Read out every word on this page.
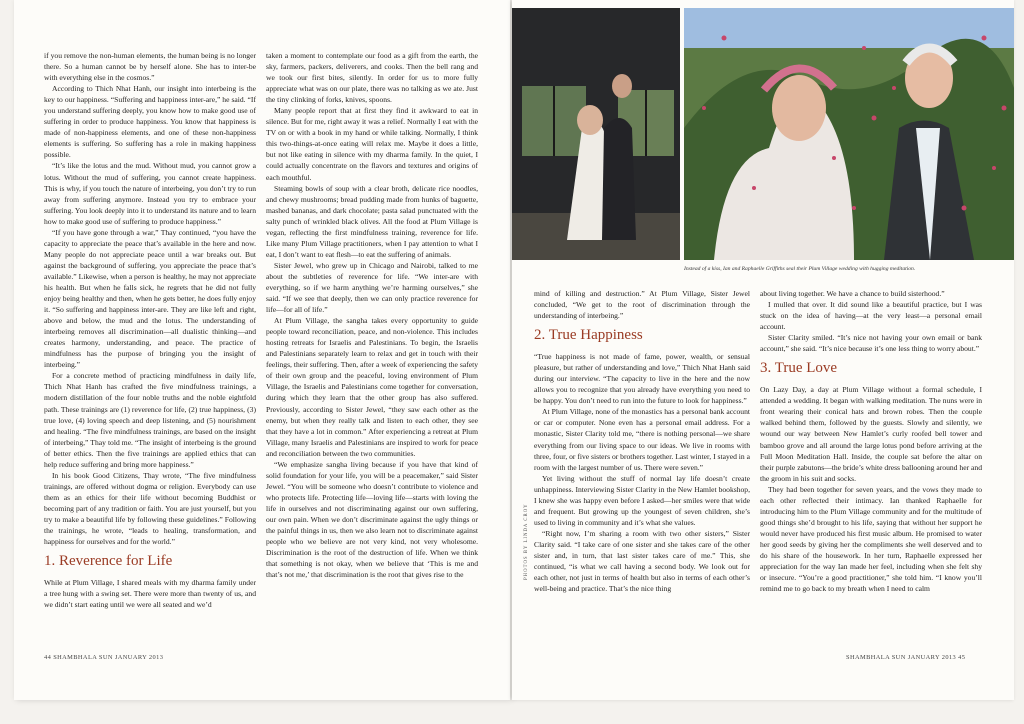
if you remove the non-human elements, the human being is no longer there. So a human cannot be by herself alone. She has to inter-be with everything else in the cosmos.”

According to Thich Nhat Hanh, our insight into interbeing is the key to our happiness. “Suffering and happiness inter-are,” he said. “If you understand suffering deeply, you know how to make good use of suffering in order to produce happiness. You know that happiness is made of non-happiness elements, and one of these non-happiness elements is suffering. So suffering has a role in making happiness possible.

“It’s like the lotus and the mud. Without mud, you cannot grow a lotus. Without the mud of suffering, you cannot create happiness. This is why, if you touch the nature of interbeing, you don’t try to run away from suffering anymore. Instead you try to embrace your suffering. You look deeply into it to understand its nature and to learn how to make good use of suffering to produce happiness.”

“If you have gone through a war,” Thay continued, “you have the capacity to appreciate the peace that’s available in the here and now. Many people do not appreciate peace until a war breaks out. But against the background of suffering, you appreciate the peace that’s available.” Likewise, when a person is healthy, he may not appreciate his health. But when he falls sick, he regrets that he did not fully enjoy being healthy and then, when he gets better, he does fully enjoy it. “So suffering and happiness inter-are. They are like left and right, above and below, the mud and the lotus. The understanding of interbeing removes all discrimination—all dualistic thinking—and creates harmony, understanding, and peace. The practice of mindfulness has the purpose of bringing you the insight of interbeing.”

For a concrete method of practicing mindfulness in daily life, Thich Nhat Hanh has crafted the five mindfulness trainings, a modern distillation of the four noble truths and the noble eightfold path. These trainings are (1) reverence for life, (2) true happiness, (3) true love, (4) loving speech and deep listening, and (5) nourishment and healing. “The five mindfulness trainings, are based on the insight of interbeing,” Thay told me. “The insight of interbeing is the ground of better ethics. Then the five trainings are applied ethics that can help reduce suffering and bring more happiness.”

In his book Good Citizens, Thay wrote, “The five mindfulness trainings, are offered without dogma or religion. Everybody can use them as an ethics for their life without becoming Buddhist or becoming part of any tradition or faith. You are just yourself, but you try to make a beautiful life by following these guidelines.” Following the trainings, he wrote, “leads to healing, transformation, and happiness for ourselves and for the world.”

1. Reverence for Life

While at Plum Village, I shared meals with my dharma family under a tree hung with a swing set. There were more than twenty of us, and we didn’t start eating until we were all seated and we’d

taken a moment to contemplate our food as a gift from the earth, the sky, farmers, packers, deliverers, and cooks. Then the bell rang and we took our first bites, silently. In order for us to more fully appreciate what was on our plate, there was no talking as we ate. Just the tiny clinking of forks, knives, spoons.

Many people report that at first they find it awkward to eat in silence. But for me, right away it was a relief. Normally I eat with the TV on or with a book in my hand or while talking. Normally, I think this two-things-at-once eating will relax me. Maybe it does a little, but not like eating in silence with my dharma family. In the quiet, I could actually concentrate on the flavors and textures and origins of each mouthful.

Steaming bowls of soup with a clear broth, delicate rice noodles, and chewy mushrooms; bread pudding made from hunks of baguette, mashed bananas, and dark chocolate; pasta salad punctuated with the salty punch of wrinkled black olives. All the food at Plum Village is vegan, reflecting the first mindfulness training, reverence for life. Like many Plum Village practitioners, when I pay attention to what I eat, I don’t want to eat flesh—to eat the suffering of animals.

Sister Jewel, who grew up in Chicago and Nairobi, talked to me about the subtleties of reverence for life. “We inter-are with everything, so if we harm anything we’re harming ourselves,” she said. “If we see that deeply, then we can only practice reverence for life—for all of life.”

At Plum Village, the sangha takes every opportunity to guide people toward reconciliation, peace, and non-violence. This includes hosting retreats for Israelis and Palestinians. To begin, the Israelis and Palestinians separately learn to relax and get in touch with their feelings, their suffering. Then, after a week of experiencing the safety of their own group and the peaceful, loving environment of Plum Village, the Israelis and Palestinians come together for conversation, during which they learn that the other group has also suffered. Previously, according to Sister Jewel, “they saw each other as the enemy, but when they really talk and listen to each other, they see that they have a lot in common.” After experiencing a retreat at Plum Village, many Israelis and Palestinians are inspired to work for peace and reconciliation between the two communities.

“We emphasize sangha living because if you have that kind of solid foundation for your life, you will be a peacemaker,” said Sister Jewel. “You will be someone who doesn’t contribute to violence and who protects life. Protecting life—loving life—starts with loving the life in ourselves and not discriminating against our own suffering, our own pain. When we don’t discriminate against the ugly things or the painful things in us, then we also learn not to discriminate against people who we believe are not very kind, not very wholesome. Discrimination is the root of the destruction of life. When we think that something is not okay, when we believe that ‘This is me and that’s not me,’ that discrimination is the root that gives rise to the

44 SHAMBHALA SUN JANUARY 2013
Instead of a kiss, Ian and Raphaelle Griffiths seal their Plum Village wedding with hugging meditation.
PHOTOS BY LINDA CROY

mind of killing and destruction.” At Plum Village, Sister Jewel concluded, “We get to the root of discrimination through the understanding of interbeing.”

2. True Happiness

“True happiness is not made of fame, power, wealth, or sensual pleasure, but rather of understanding and love,” Thich Nhat Hanh said during our interview. “The capacity to live in the here and the now allows you to recognize that you already have everything you need to be happy. You don’t need to run into the future to look for happiness.”

At Plum Village, none of the monastics has a personal bank account or car or computer. None even has a personal email address. For a monastic, Sister Clarity told me, “there is nothing personal—we share everything from our living space to our ideas. We live in rooms with three, four, or five sisters or brothers together. Last winter, I stayed in a room with the largest number of us. There were seven.”

Yet living without the stuff of normal lay life doesn’t create unhappiness. Interviewing Sister Clarity in the New Hamlet bookshop, I knew she was happy even before I asked—her smiles were that wide and frequent. But growing up the youngest of seven children, she’s used to living in community and it’s what she values.

“Right now, I’m sharing a room with two other sisters,” Sister Clarity said. “I take care of one sister and she takes care of the other sister and, in turn, that last sister takes care of me.” This, she continued, “is what we call having a second body. We look out for each other, not just in terms of health but also in terms of each other’s well-being and practice. That’s the nice thing

about living together. We have a chance to build sisterhood.”

I mulled that over. It did sound like a beautiful practice, but I was stuck on the idea of having—at the very least—a personal email account.

Sister Clarity smiled. “It’s nice not having your own email or bank account,” she said. “It’s nice because it’s one less thing to worry about.”

3. True Love

On Lazy Day, a day at Plum Village without a formal schedule, I attended a wedding. It began with walking meditation. The nuns were in front wearing their conical hats and brown robes. Then the couple walked behind them, followed by the guests. Slowly and silently, we wound our way between New Hamlet’s curly roofed bell tower and bamboo grove and all around the large lotus pond before arriving at the Full Moon Meditation Hall. Inside, the couple sat before the altar on their purple zabutons—the bride’s white dress ballooning around her and the groom in his suit and socks.

They had been together for seven years, and the vows they made to each other reflected their intimacy. Ian thanked Raphaelle for introducing him to the Plum Village community and for the multitude of good things she’d brought to his life, saying that without her support he would never have produced his first music album. He promised to water her good seeds by giving her the compliments she well deserved and to do his share of the housework. In her turn, Raphaelle expressed her appreciation for the way Ian made her feel, including when she felt shy or insecure. “You’re a good practitioner,” she told him. “I know you’ll remind me to go back to my breath when I need to calm

SHAMBHALA SUN JANUARY 2013 45
